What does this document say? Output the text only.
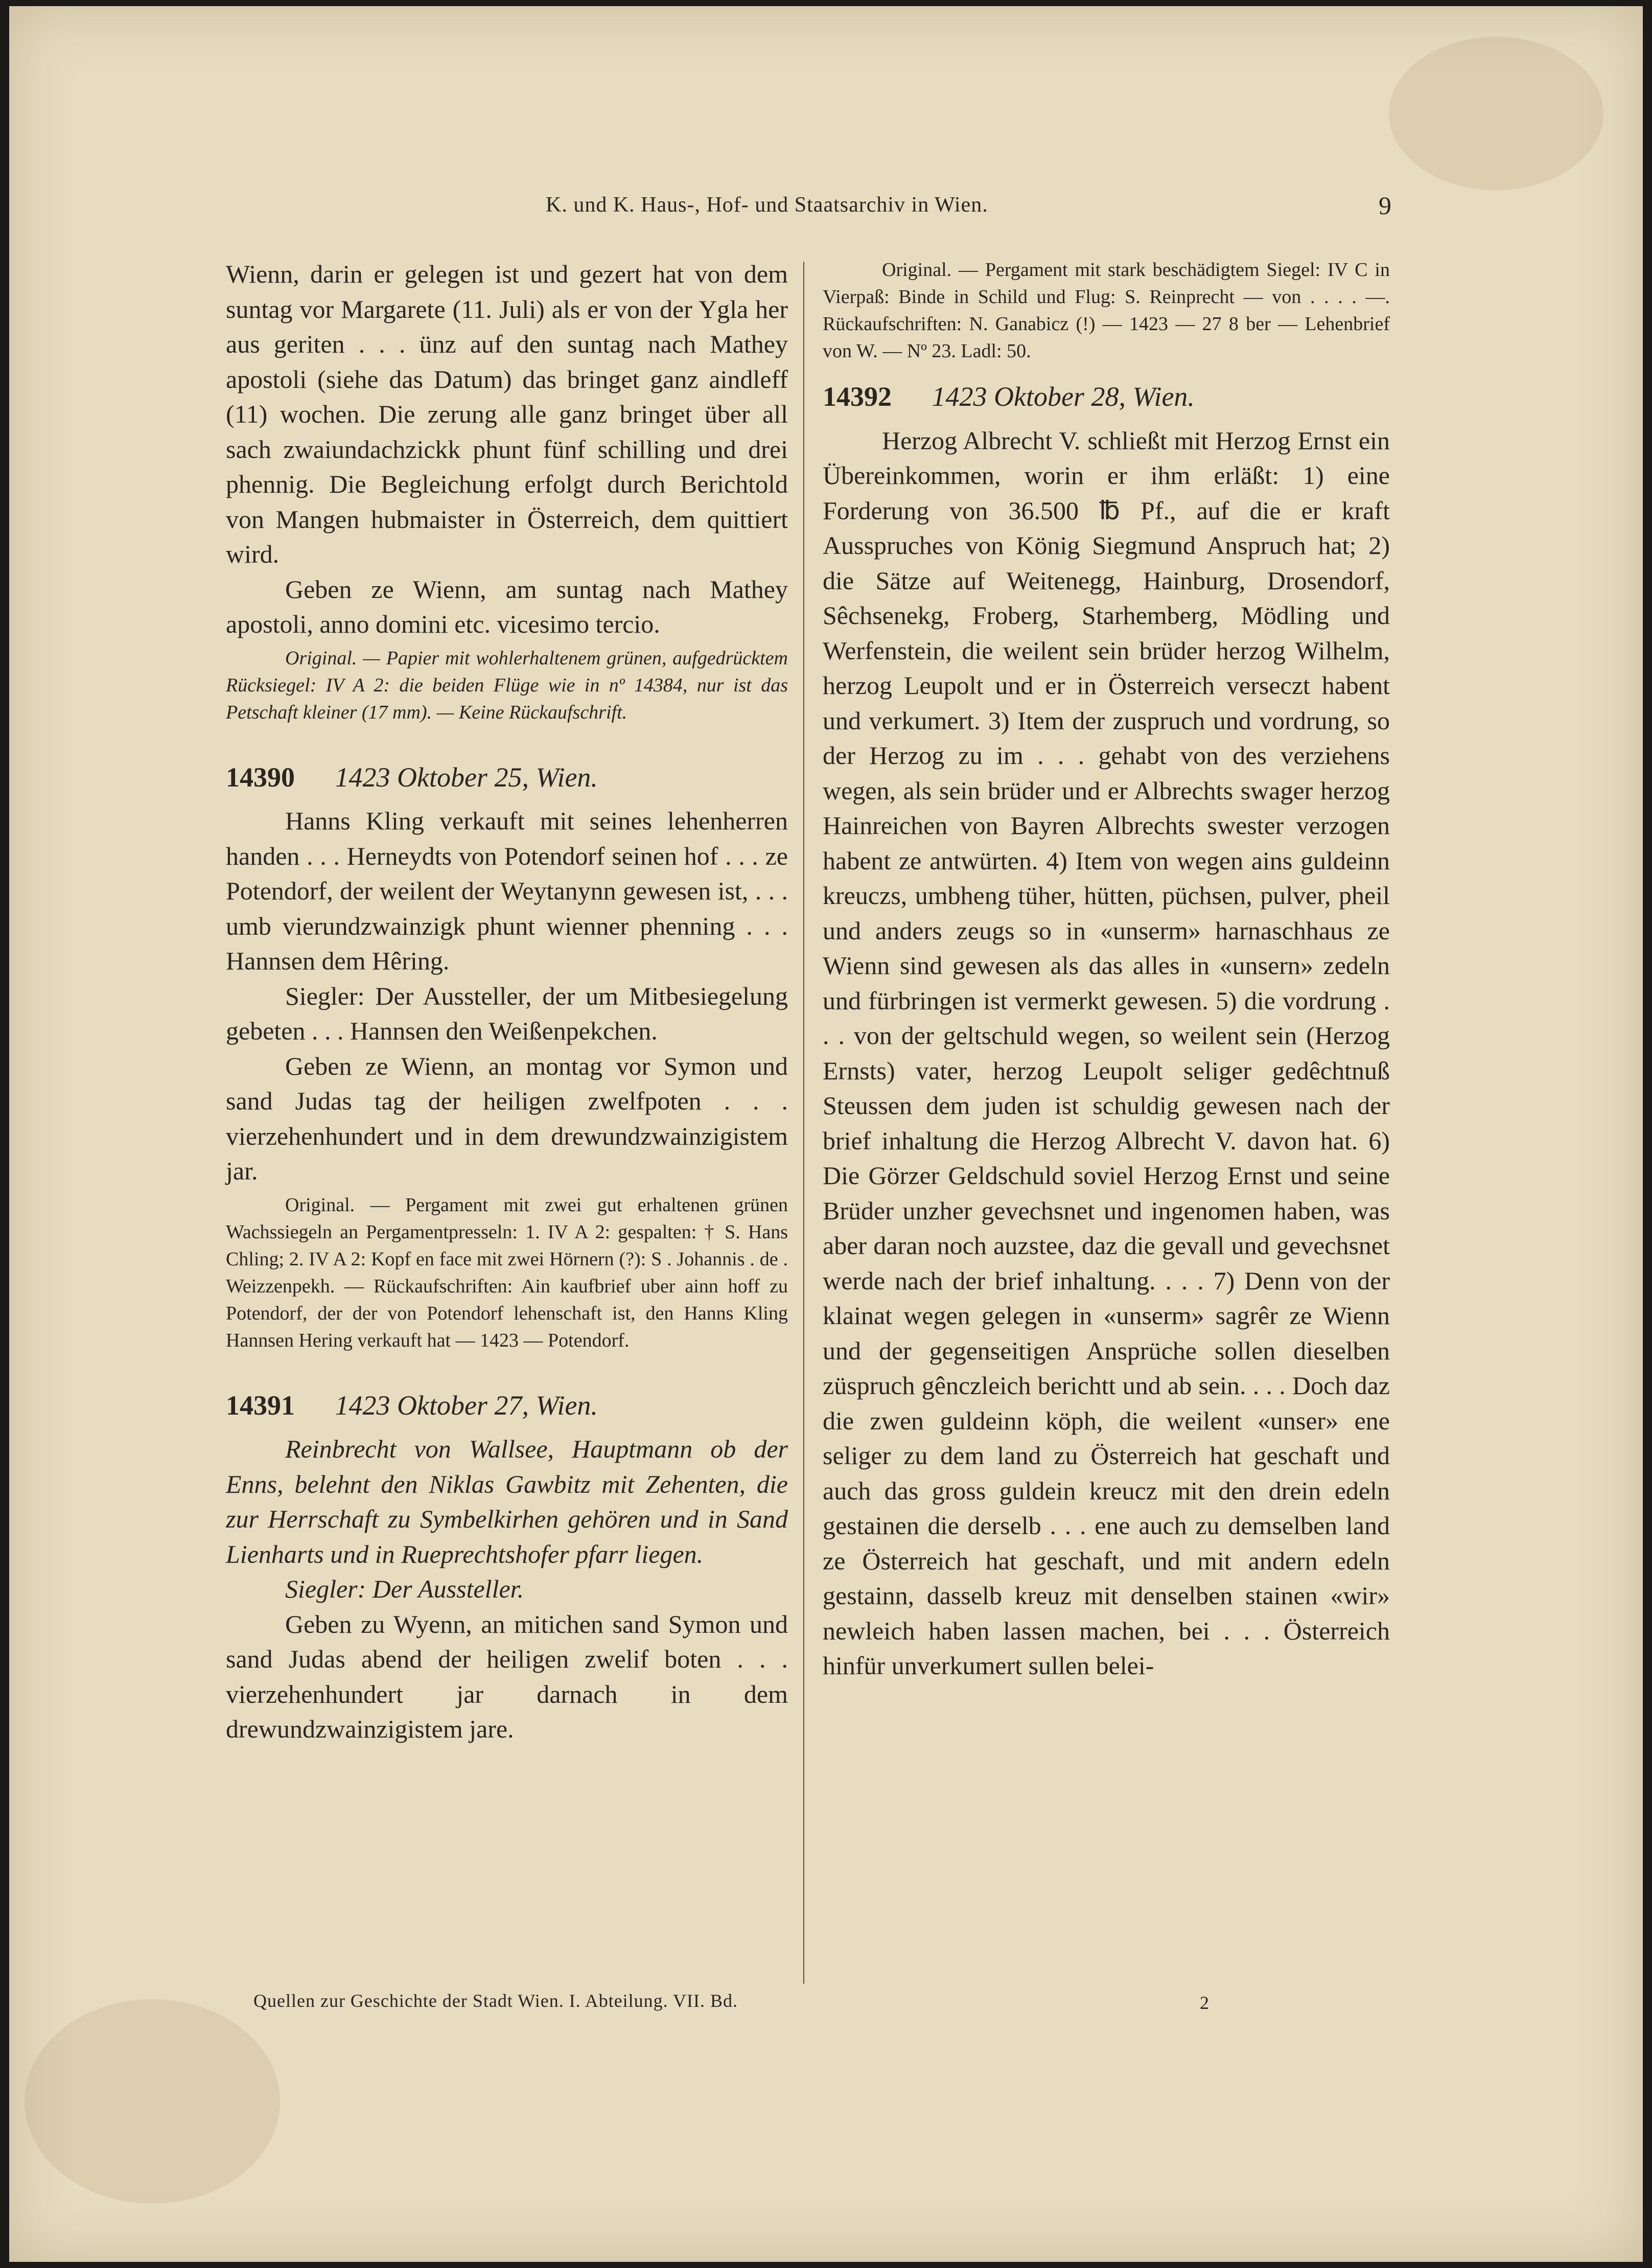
K. und K. Haus-, Hof- und Staatsarchiv in Wien.	9

Wienn, darin er gelegen ist und gezert hat von dem suntag vor Margarete (11. Juli) als er von der Ygla her aus geriten . . . ünz auf den suntag nach Mathey apostoli (siehe das Datum) das bringet ganz aindleff (11) wochen. Die zerung alle ganz bringet über all sach zwaiundachzickk phunt fünf schilling und drei phennig. Die Begleichung erfolgt durch Berichtold von Mangen hubmaister in Österreich, dem quittiert wird.

Geben ze Wienn, am suntag nach Mathey apostoli, anno domini etc. vicesimo tercio.

Original. — Papier mit wohlerhaltenem grünen, aufgedrücktem Rücksiegel: IV A 2: die beiden Flüge wie in nº 14384, nur ist das Petschaft kleiner (17 mm). — Keine Rückaufschrift.

14390 1423 Oktober 25, Wien.

Hanns Kling verkauft mit seines lehenherren handen . . . Herneydts von Potendorf seinen hof . . . ze Potendorf, der weilent der Weytanynn gewesen ist, . . . umb vierundzwainzigk phunt wienner phenning . . . Hannsen dem Hêring.

Siegler: Der Aussteller, der um Mitbesiegelung gebeten . . . Hannsen den Weißenpekchen.

Geben ze Wienn, an montag vor Symon und sand Judas tag der heiligen zwelfpoten . . . vierzehenhundert und in dem drewundzwainzigistem jar.

Original. — Pergament mit zwei gut erhaltenen grünen Wachssiegeln an Pergamentpresseln: 1. IV A 2: gespalten: † S. Hans Chling; 2. IV A 2: Kopf en face mit zwei Hörnern (?): S . Johannis . de . Weizzenpekh. — Rückaufschriften: Ain kaufbrief uber ainn hoff zu Potendorf, der der von Potendorf lehenschaft ist, den Hanns Kling Hannsen Hering verkauft hat — 1423 — Potendorf.

14391 1423 Oktober 27, Wien.

Reinbrecht von Wallsee, Hauptmann ob der Enns, belehnt den Niklas Gawbitz mit Zehenten, die zur Herrschaft zu Symbelkirhen gehören und in Sand Lienharts und in Rueprechtshofer pfarr liegen.

Siegler: Der Aussteller.

Geben zu Wyenn, an mitichen sand Symon und sand Judas abend der heiligen zwelif boten . . . vierzehenhundert jar darnach in dem drewundzwainzigistem jare.

Original. — Pergament mit stark beschädigtem Siegel: IV C in Vierpaß: Binde in Schild und Flug: S. Reinprecht — von . . . . —. Rückaufschriften: N. Ganabicz (!) — 1423 — 27 8 ber — Lehenbrief von W. — Nº 23. Ladl: 50.

14392 1423 Oktober 28, Wien.

Herzog Albrecht V. schließt mit Herzog Ernst ein Übereinkommen, worin er ihm erläßt: 1) eine Forderung von 36.500 ℔ Pf., auf die er kraft Ausspruches von König Siegmund Anspruch hat; 2) die Sätze auf Weitenegg, Hainburg, Drosendorf, Sêchsenekg, Froberg, Starhemberg, Mödling und Werfenstein, die weilent sein brüder herzog Wilhelm, herzog Leupolt und er in Österreich verseczt habent und verkumert. 3) Item der zuspruch und vordrung, so der Herzog zu im . . . gehabt von des verziehens wegen, als sein brüder und er Albrechts swager herzog Hainreichen von Bayren Albrechts swester verzogen habent ze antwürten. 4) Item von wegen ains guldeinn kreuczs, umbheng tüher, hütten, püchsen, pulver, pheil und anders zeugs so in «unserm» harnaschhaus ze Wienn sind gewesen als das alles in «unsern» zedeln und fürbringen ist vermerkt gewesen. 5) die vordrung . . . von der geltschuld wegen, so weilent sein (Herzog Ernsts) vater, herzog Leupolt seliger gedêchtnuß Steussen dem juden ist schuldig gewesen nach der brief inhaltung die Herzog Albrecht V. davon hat. 6) Die Görzer Geldschuld soviel Herzog Ernst und seine Brüder unzher gevechsnet und ingenomen haben, was aber daran noch auzstee, daz die gevall und gevechsnet werde nach der brief inhaltung. . . . 7) Denn von der klainat wegen gelegen in «unserm» sagrêr ze Wienn und der gegenseitigen Ansprüche sollen dieselben züspruch gênczleich berichtt und ab sein. . . . Doch daz die zwen guldeinn köph, die weilent «unser» ene seliger zu dem land zu Österreich hat geschaft und auch das gross guldein kreucz mit den drein edeln gestainen die derselb . . . ene auch zu demselben land ze Österreich hat geschaft, und mit andern edeln gestainn, dasselb kreuz mit denselben stainen «wir» newleich haben lassen machen, bei . . . Österreich hinfür unverkumert sullen belei-

Quellen zur Geschichte der Stadt Wien. I. Abteilung. VII. Bd.	2
